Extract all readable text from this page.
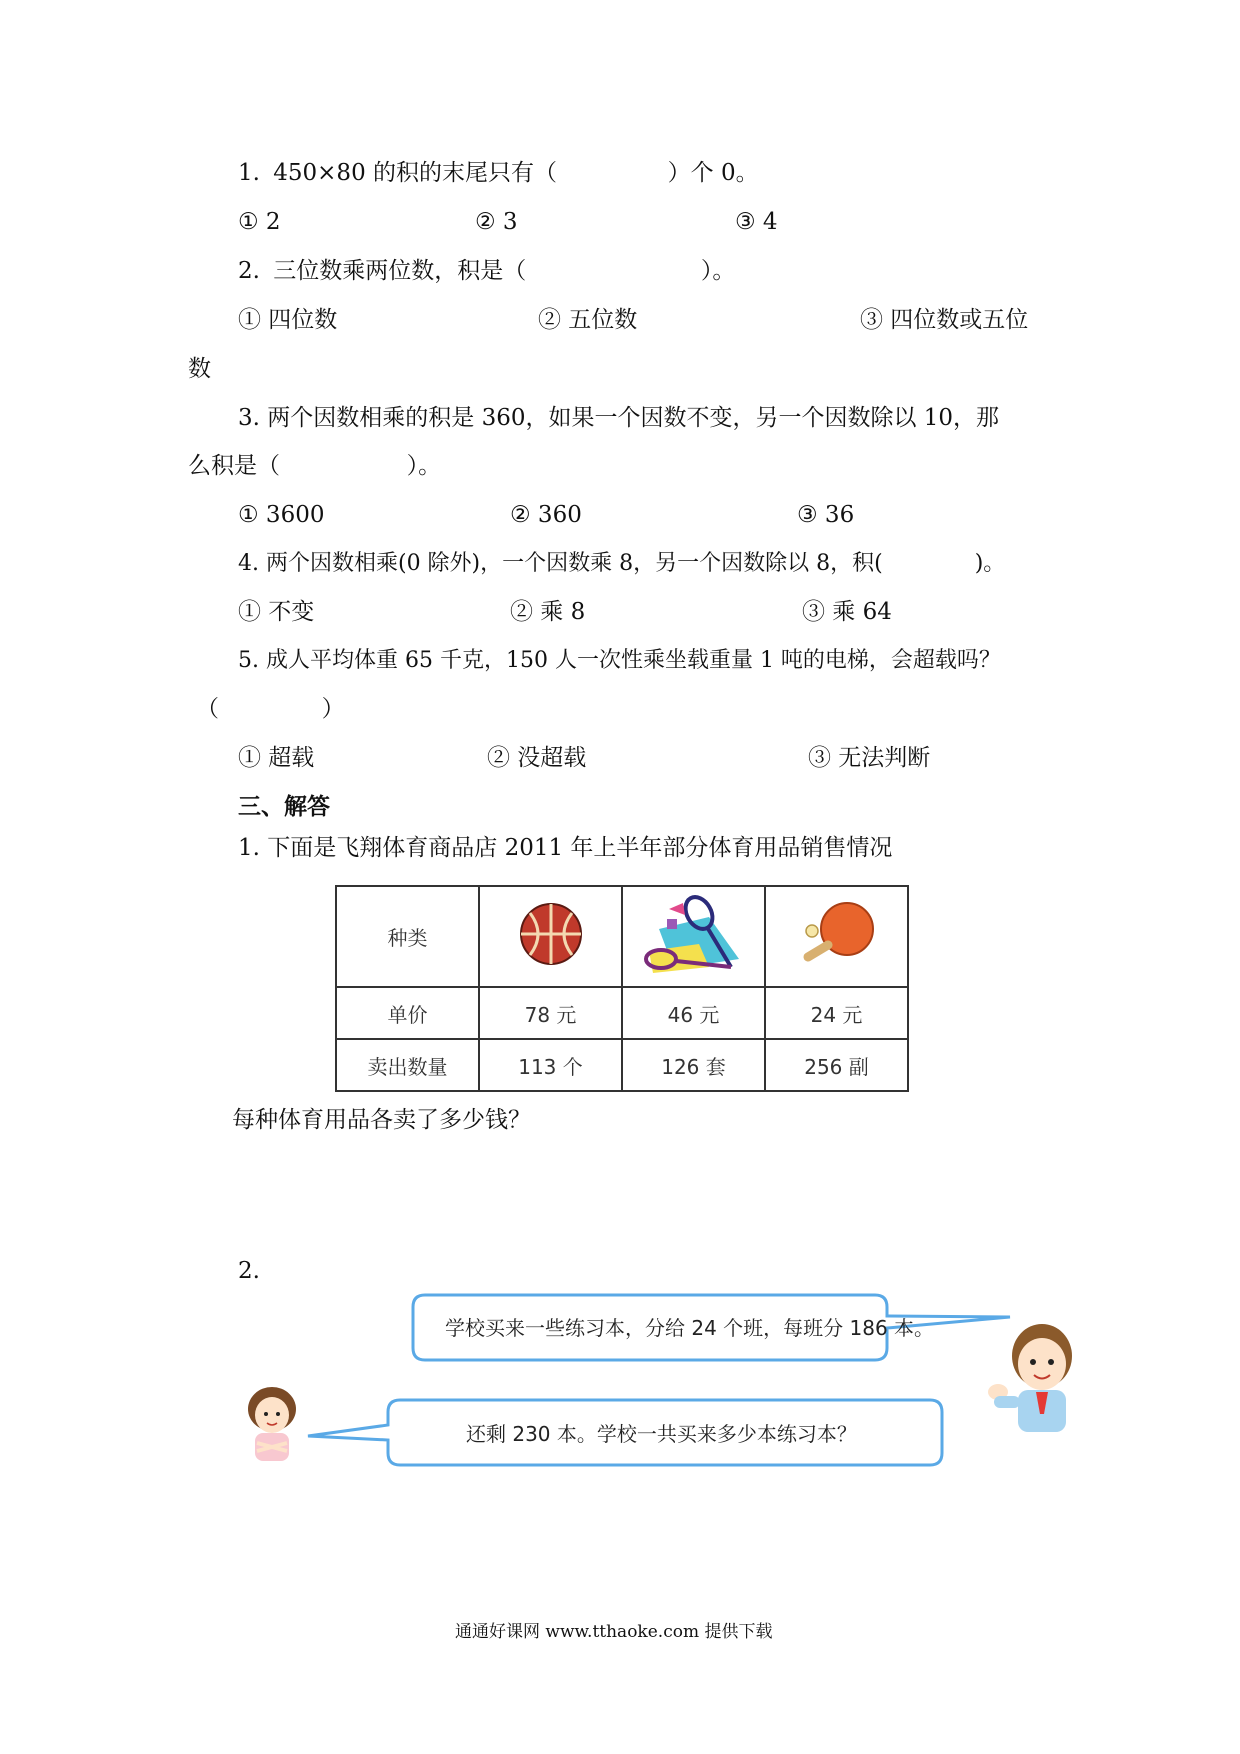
1. 450×80 的积的末尾只有（	）个 0。
① 2	② 3	③ 4
2. 三位数乘两位数，积是（	）。
① 四位数	② 五位数	③ 四位数或五位
数
3. 两个因数相乘的积是 360，如果一个因数不变，另一个因数除以 10，那
么积是（	）。
① 3600	② 360	③ 36
4. 两个因数相乘(0 除外)，一个因数乘 8，另一个因数除以 8，积(	)。
① 不变	② 乘 8	③ 乘 64
5. 成人平均体重 65 千克，150 人一次性乘坐载重量 1 吨的电梯，会超载吗？
（	）
① 超载	② 没超载	③ 无法判断
三、解答
1. 下面是飞翔体育商品店 2011 年上半年部分体育用品销售情况
种类			
单价	78 元	46 元	24 元
卖出数量	113 个	126 套	256 副
每种体育用品各卖了多少钱？
2.
学校买来一些练习本，分给 24 个班，每班分 186 本。
还剩 230 本。学校一共买来多少本练习本？
通通好课网 www.tthaoke.com 提供下载
